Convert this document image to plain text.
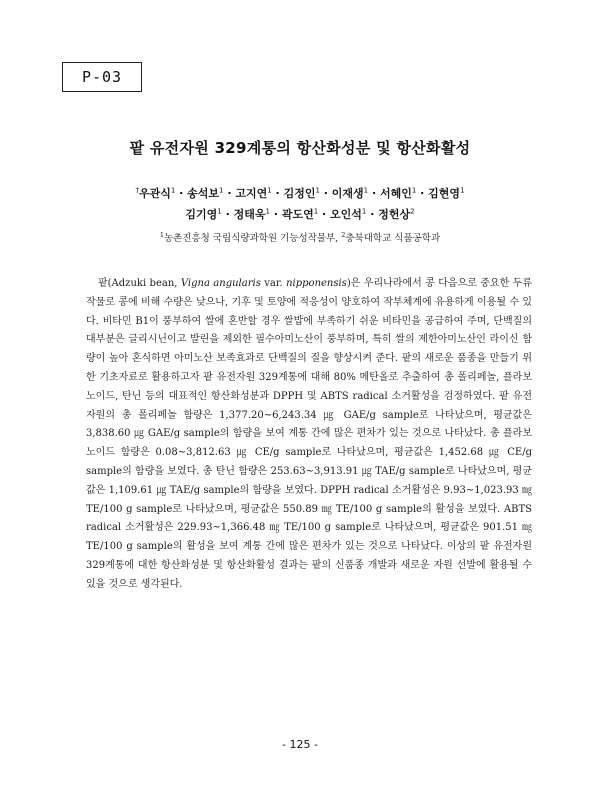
P-03
팥 유전자원 329계통의 항산화성분 및 항산화활성
†우관식$^1$ · 송석보$^1$ · 고지연$^1$ · 김정인$^1$ · 이재생$^1$ · 서혜인$^1$ · 김현영$^1$
김기영$^1$ · 정태욱$^1$ · 곽도연$^1$ · 오인석$^1$ · 정헌상$^2$
$^1$농촌진흥청 국립식량과학원 기능성작물부, $^2$충북대학교 식품공학과

팥(Adzuki bean, Vigna angularis var. nipponensis)은 우리나라에서 콩 다음으로 중요한 두류작물로 콩에 비해 수량은 낮으나, 기후 및 토양에 적응성이 양호하여 작부체계에 유용하게 이용될 수 있다. 비타민 B1이 풍부하여 쌀에 혼반할 경우 쌀밥에 부족하기 쉬운 비타민을 공급하여 주며, 단백질의 대부분은 글리시닌이고 발린을 제외한 필수아미노산이 풍부하며, 특히 쌀의 제한아미노산인 라이신 함량이 높아 혼식하면 아미노산 보족효과로 단백질의 질을 향상시켜 준다. 팥의 새로운 품종을 만들기 위한 기초자료로 활용하고자 팥 유전자원 329계통에 대해 80% 메탄올로 추출하여 총 폴리페놀, 플라보노이드, 탄닌 등의 대표적인 항산화성분과 DPPH 및 ABTS radical 소거활성을 검정하였다. 팥 유전자원의 총 폴리페놀 함량은 1,377.20∼6,243.34 ㎍ GAE/g sample로 나타났으며, 평균값은 3,838.60 ㎍ GAE/g sample의 함량을 보여 계통 간에 많은 편차가 있는 것으로 나타났다. 총 플라보노이드 함량은 0.08∼3,812.63 ㎍ CE/g sample로 나타났으며, 평균값은 1,452.68 ㎍ CE/g sample의 함량을 보였다. 총 탄닌 함량은 253.63∼3,913.91 ㎍ TAE/g sample로 나타났으며, 평균값은 1,109.61 ㎍ TAE/g sample의 함량을 보였다. DPPH radical 소거활성은 9.93∼1,023.93 ㎎ TE/100 g sample로 나타났으며, 평균값은 550.89 ㎎ TE/100 g sample의 활성을 보였다. ABTS radical 소거활성은 229.93∼1,366.48 ㎎ TE/100 g sample로 나타났으며, 평균값은 901.51 ㎎ TE/100 g sample의 활성을 보여 계통 간에 많은 편차가 있는 것으로 나타났다. 이상의 팥 유전자원 329계통에 대한 항산화성분 및 항산화활성 결과는 팥의 신품종 개발과 새로운 자원 선발에 활용될 수 있을 것으로 생각된다.

- 125 -
